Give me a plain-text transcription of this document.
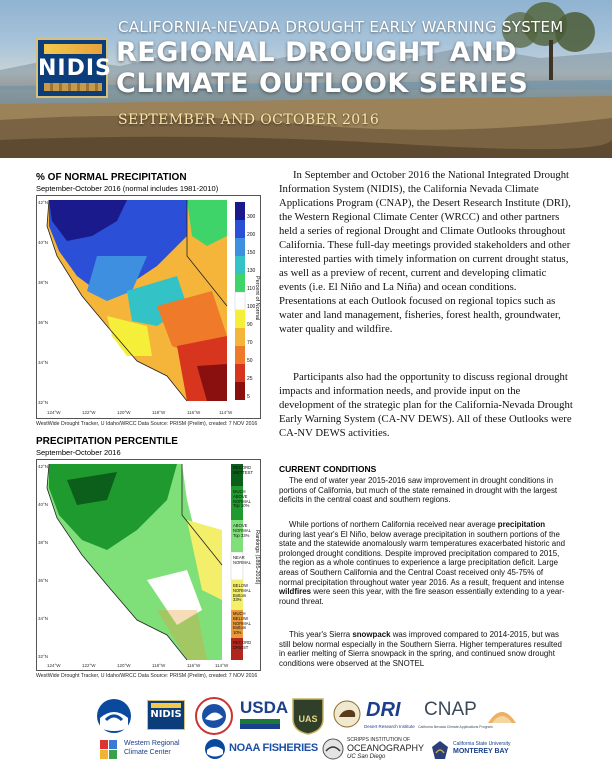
NIDIS
CALIFORNIA-NEVADA DROUGHT EARLY WARNING SYSTEM
REGIONAL DROUGHT AND
CLIMATE OUTLOOK SERIES
SEPTEMBER AND OCTOBER 2016
% OF NORMAL PRECIPITATION
September-October 2016 (normal includes 1981-2010)
300
200
150
130
110
100
90
70
50
25
5
Percent of Normal
42°N
40°N
38°N
36°N
34°N
32°N
124°W	122°W	120°W	118°W	116°W	114°W
WestWide Drought Tracker, U Idaho/WRCC Data Source: PRISM (Prelim), created: 7 NOV 2016
PRECIPITATION PERCENTILE
September-October 2016
RECORD WETTEST
MUCH ABOVE NORMAL Top 10%
ABOVE NORMAL Top 33%
NEAR NORMAL
BELOW NORMAL Bottom 33%
MUCH BELOW NORMAL Bottom 10%
RECORD DRIEST
Rankings (1895-2016)
42°N
40°N
38°N
36°N
34°N
32°N
124°W	122°W	120°W	118°W	116°W	114°W
WestWide Drought Tracker, U Idaho/WRCC Data Source: PRISM (Prelim), created: 7 NOV 2016

In September and October 2016 the National Integrated Drought Information System (NIDIS), the California Nevada Climate Applications Program (CNAP), the Desert Research Institute (DRI), the Western Regional Climate Center (WRCC) and other partners held a series of regional Drought and Climate Outlooks throughout California. These full-day meetings provided stakeholders and other interested parties with timely information on current drought status, as well as a preview of recent, current and developing climatic events (i.e. El Niño and La Niña) and ocean conditions. Presentations at each Outlook focused on regional topics such as water and land management, fisheries, forest health, groundwater, water quality and wildfire.

Participants also had the opportunity to discuss regional drought impacts and information needs, and provide input on the development of the strategic plan for the California-Nevada Drought Early Warning System (CA-NV DEWS). All of these Outlooks were CA-NV DEWS activities.

CURRENT CONDITIONS

The end of water year 2015-2016 saw improvement in drought conditions in portions of California, but much of the state remained in drought with the largest deficits in the central coast and southern regions.

While portions of northern California received near average precipitation during last year's El Niño, below average precipitation in southern portions of the state and the statewide anomalously warm temperatures exacerbated historic and prolonged drought conditions. Despite improved precipitation compared to 2015, the region as a whole continues to experience a large precipitation deficit. Large areas of Southern California and the Central Coast received only 45-75% of normal precipitation throughout water year 2016. As a result, frequent and intense wildfires were seen this year, with the fire season essentially extending to a year-round threat.

This year's Sierra snowpack was improved compared to 2014-2015, but was still below normal especially in the Southern Sierra. Higher temperatures resulted in earlier melting of Sierra snowpack in the spring, and continued snow drought conditions were observed at the SNOTEL

NIDIS	USDA
UAS DRI
Desert Research Institute
CNAP
California Nevada Climate Applications Program
Western Regional
Climate Center	NOAA FISHERIES
SCRIPPS INSTITUTION OF
OCEANOGRAPHY
UC San Diego
California State University
MONTEREY BAY
